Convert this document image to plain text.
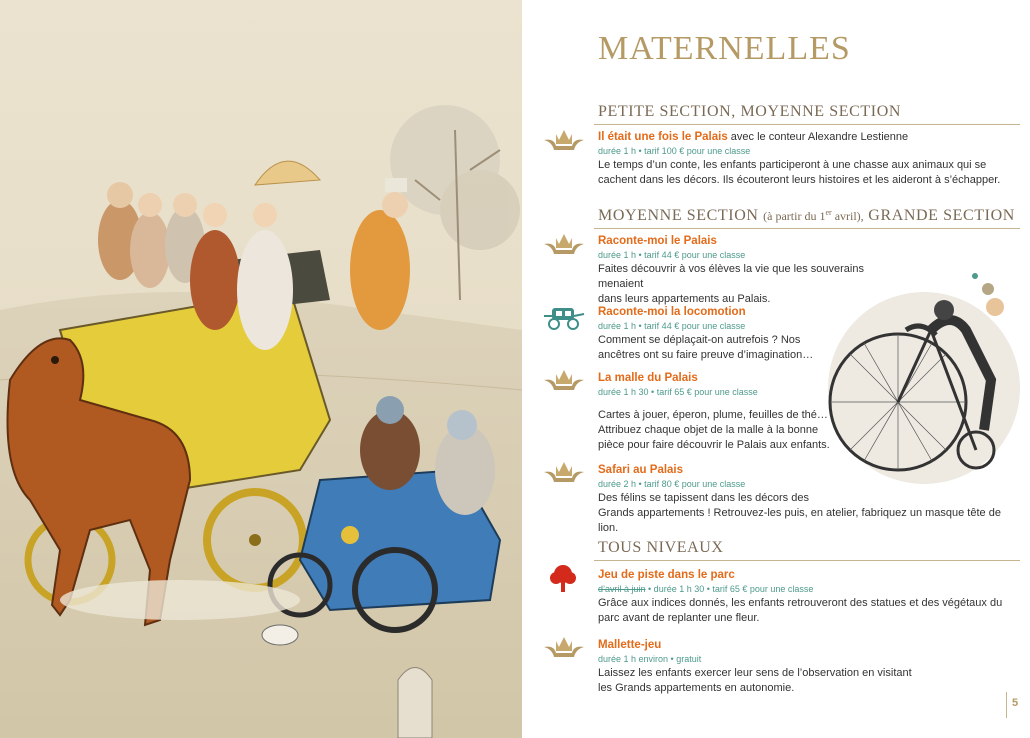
MATERNELLES
PETITE SECTION, MOYENNE SECTION
Il était une fois le Palais avec le conteur Alexandre Lestienne
durée 1 h • tarif 100 € pour une classe
Le temps d’un conte, les enfants participeront à une chasse aux animaux qui se
cachent dans les décors. Ils écouteront leurs histoires et les aideront à s’échapper.
MOYENNE SECTION (à partir du 1er avril), GRANDE SECTION
Raconte-moi le Palais
durée 1 h • tarif 44 € pour une classe
Faites découvrir à vos élèves la vie que les souverains menaient
dans leurs appartements au Palais.
Raconte-moi la locomotion
durée 1 h • tarif 44 € pour une classe
Comment se déplaçait-on autrefois ? Nos
ancêtres ont su faire preuve d’imagination…
La malle du Palais
durée 1 h 30 • tarif 65 € pour une classe
Cartes à jouer, éperon, plume, feuilles de thé…
Attribuez chaque objet de la malle à la bonne
pièce pour faire découvrir le Palais aux enfants.
Safari au Palais
durée 2 h • tarif 80 € pour une classe
Des félins se tapissent dans les décors des
Grands appartements ! Retrouvez-les puis, en atelier, fabriquez un masque tête de lion.
TOUS NIVEAUX
Jeu de piste dans le parc
d’avril à juin • durée 1 h 30 • tarif 65 € pour une classe
Grâce aux indices donnés, les enfants retrouveront des statues et des végétaux du
parc avant de replanter une fleur.
Mallette-jeu
durée 1 h environ • gratuit
Laissez les enfants exercer leur sens de l’observation en visitant
les Grands appartements en autonomie.
5
